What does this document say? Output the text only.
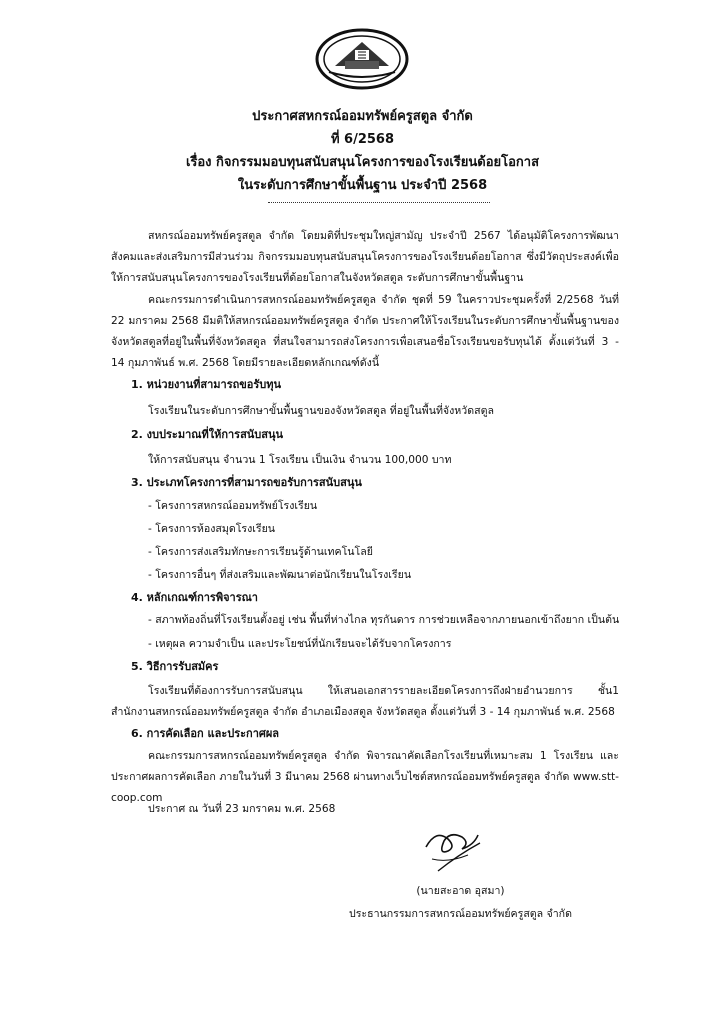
ประกาศสหกรณ์ออมทรัพย์ครูสตูล จำกัด
ที่ 6/2568
เรื่อง กิจกรรมมอบทุนสนับสนุนโครงการของโรงเรียนด้อยโอกาส
ในระดับการศึกษาขั้นพื้นฐาน ประจำปี 2568
สหกรณ์ออมทรัพย์ครูสตูล จำกัด โดยมติที่ประชุมใหญ่สามัญ ประจำปี 2567 ได้อนุมัติโครงการพัฒนาสังคมและส่งเสริมการมีส่วนร่วม กิจกรรมมอบทุนสนับสนุนโครงการของโรงเรียนด้อยโอกาส ซึ่งมีวัตถุประสงค์เพื่อให้การสนับสนุนโครงการของโรงเรียนที่ด้อยโอกาสในจังหวัดสตูล ระดับการศึกษาขั้นพื้นฐาน
คณะกรรมการดำเนินการสหกรณ์ออมทรัพย์ครูสตูล จำกัด ชุดที่ 59 ในคราวประชุมครั้งที่ 2/2568 วันที่ 22 มกราคม 2568 มีมติให้สหกรณ์ออมทรัพย์ครูสตูล จำกัด ประกาศให้โรงเรียนในระดับการศึกษาขั้นพื้นฐานของจังหวัดสตูลที่อยู่ในพื้นที่จังหวัดสตูล ที่สนใจสามารถส่งโครงการเพื่อเสนอชื่อโรงเรียนขอรับทุนได้ ตั้งแต่วันที่ 3 - 14 กุมภาพันธ์ พ.ศ. 2568 โดยมีรายละเอียดหลักเกณฑ์ดังนี้
1. หน่วยงานที่สามารถขอรับทุน
โรงเรียนในระดับการศึกษาขั้นพื้นฐานของจังหวัดสตูล ที่อยู่ในพื้นที่จังหวัดสตูล
2. งบประมาณที่ให้การสนับสนุน
ให้การสนับสนุน จำนวน 1 โรงเรียน เป็นเงิน จำนวน 100,000 บาท
3. ประเภทโครงการที่สามารถขอรับการสนับสนุน
- โครงการสหกรณ์ออมทรัพย์โรงเรียน
- โครงการห้องสมุดโรงเรียน
- โครงการส่งเสริมทักษะการเรียนรู้ด้านเทคโนโลยี
- โครงการอื่นๆ ที่ส่งเสริมและพัฒนาต่อนักเรียนในโรงเรียน
4. หลักเกณฑ์การพิจารณา
- สภาพท้องถิ่นที่โรงเรียนตั้งอยู่ เช่น พื้นที่ห่างไกล ทุรกันดาร การช่วยเหลือจากภายนอกเข้าถึงยาก เป็นต้น
- เหตุผล ความจำเป็น และประโยชน์ที่นักเรียนจะได้รับจากโครงการ
5. วิธีการรับสมัคร
โรงเรียนที่ต้องการรับการสนับสนุน ให้เสนอเอกสารรายละเอียดโครงการถึงฝ่ายอำนวยการ ชั้น1 สำนักงานสหกรณ์ออมทรัพย์ครูสตูล จำกัด อำเภอเมืองสตูล จังหวัดสตูล ตั้งแต่วันที่ 3 - 14 กุมภาพันธ์ พ.ศ. 2568
6. การคัดเลือก และประกาศผล
คณะกรรมการสหกรณ์ออมทรัพย์ครูสตูล จำกัด พิจารณาคัดเลือกโรงเรียนที่เหมาะสม 1 โรงเรียน และประกาศผลการคัดเลือก ภายในวันที่ 3 มีนาคม 2568 ผ่านทางเว็บไซต์สหกรณ์ออมทรัพย์ครูสตูล จำกัด www.stt-coop.com
ประกาศ ณ วันที่ 23 มกราคม พ.ศ. 2568
(นายสะอาด อุสมา)
ประธานกรรมการสหกรณ์ออมทรัพย์ครูสตูล จำกัด
